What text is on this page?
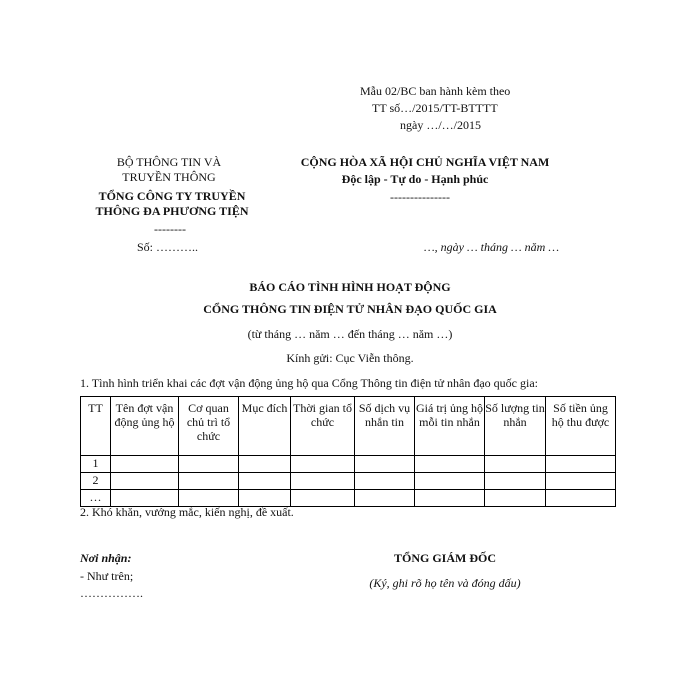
Mẫu 02/BC ban hành kèm theo
TT số…/2015/TT-BTTTT
ngày …/…/2015
BỘ THÔNG TIN VÀ
TRUYỀN THÔNG
TỔNG CÔNG TY TRUYỀN
THÔNG ĐA PHƯƠNG TIỆN
--------
Số: ………..
CỘNG HÒA XÃ HỘI CHỦ NGHĨA VIỆT NAM
Độc lập - Tự do - Hạnh phúc
---------------
…, ngày … tháng … năm …
BÁO CÁO TÌNH HÌNH HOẠT ĐỘNG
CỔNG THÔNG TIN ĐIỆN TỬ NHÂN ĐẠO QUỐC GIA
(từ tháng … năm … đến tháng … năm …)
Kính gửi: Cục Viễn thông.
1. Tình hình triển khai các đợt vận động ủng hộ qua Cổng Thông tin điện tử nhân đạo quốc gia:
TT	Tên đợt vận động ủng hộ	Cơ quan chủ trì tổ chức	Mục đích	Thời gian tổ chức	Số dịch vụ nhắn tin	Giá trị ủng hộ mỗi tin nhắn	Số lượng tin nhắn	Số tiền ủng hộ thu được
1								
2								
…								
2. Khó khăn, vướng mắc, kiến nghị, đề xuất.
Nơi nhận:
- Như trên;
…………….
TỔNG GIÁM ĐỐC
(Ký, ghi rõ họ tên và đóng dấu)
